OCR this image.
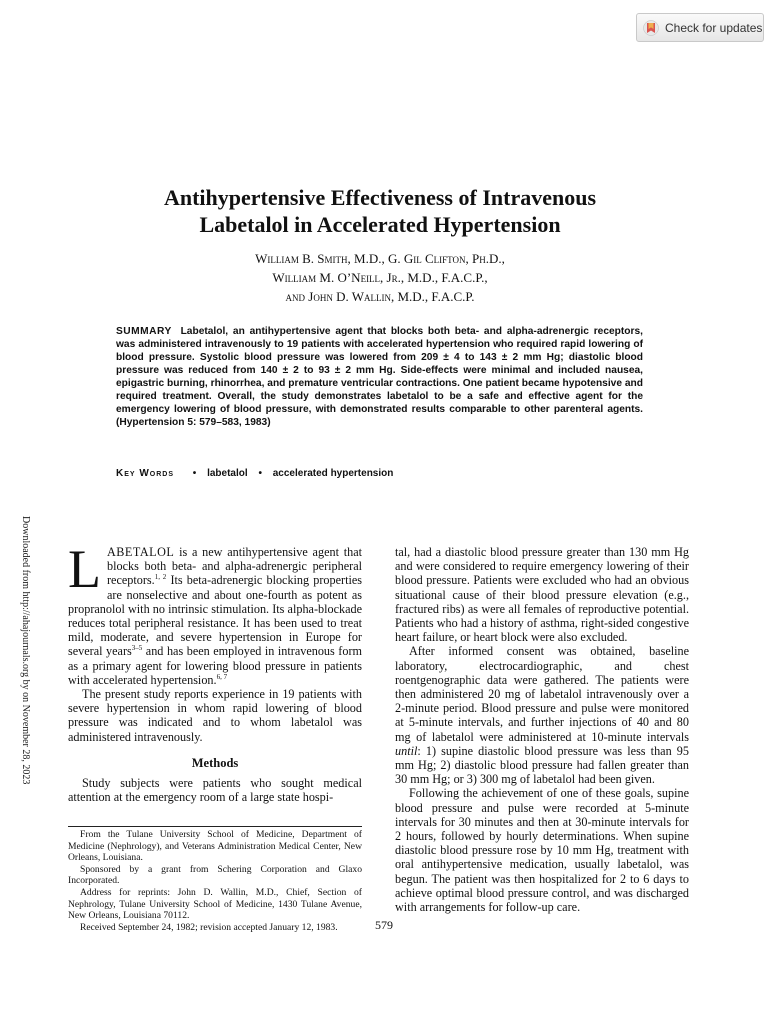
Check for updates
Downloaded from http://ahajournals.org by on November 28, 2023
Antihypertensive Effectiveness of Intravenous
Labetalol in Accelerated Hypertension
William B. Smith, M.D., G. Gil Clifton, Ph.D.,
William M. O’Neill, Jr., M.D., F.A.C.P.,
and John D. Wallin, M.D., F.A.C.P.
SUMMARY Labetalol, an antihypertensive agent that blocks both beta- and alpha-adrenergic receptors, was administered intravenously to 19 patients with accelerated hypertension who required rapid lowering of blood pressure. Systolic blood pressure was lowered from 209 ± 4 to 143 ± 2 mm Hg; diastolic blood pressure was reduced from 140 ± 2 to 93 ± 2 mm Hg. Side-effects were minimal and included nausea, epigastric burning, rhinorrhea, and premature ventricular contractions. One patient became hypotensive and required treatment. Overall, the study demonstrates labetalol to be a safe and effective agent for the emergency lowering of blood pressure, with demonstrated results comparable to other parenteral agents. (Hypertension 5: 579–583, 1983)
Key Words • labetalol • accelerated hypertension

LABETALOL is a new antihypertensive agent that blocks both beta- and alpha-adrenergic peripheral receptors.$^{1, 2}$ Its beta-adrenergic blocking properties are nonselective and about one-fourth as potent as propranolol with no intrinsic stimulation. Its alpha-blockade reduces total peripheral resistance. It has been used to treat mild, moderate, and severe hypertension in Europe for several years$^{3-5}$ and has been employed in intravenous form as a primary agent for lowering blood pressure in patients with accelerated hypertension.$^{6, 7}$

The present study reports experience in 19 patients with severe hypertension in whom rapid lowering of blood pressure was indicated and to whom labetalol was administered intravenously.

Methods

Study subjects were patients who sought medical attention at the emergency room of a large state hospi-

From the Tulane University School of Medicine, Department of Medicine (Nephrology), and Veterans Administration Medical Center, New Orleans, Louisiana.

Sponsored by a grant from Schering Corporation and Glaxo Incorporated.

Address for reprints: John D. Wallin, M.D., Chief, Section of Nephrology, Tulane University School of Medicine, 1430 Tulane Avenue, New Orleans, Louisiana 70112.

Received September 24, 1982; revision accepted January 12, 1983.

tal, had a diastolic blood pressure greater than 130 mm Hg and were considered to require emergency lowering of their blood pressure. Patients were excluded who had an obvious situational cause of their blood pressure elevation (e.g., fractured ribs) as were all females of reproductive potential. Patients who had a history of asthma, right-sided congestive heart failure, or heart block were also excluded.

After informed consent was obtained, baseline laboratory, electrocardiographic, and chest roentgenographic data were gathered. The patients were then administered 20 mg of labetalol intravenously over a 2-minute period. Blood pressure and pulse were monitored at 5-minute intervals, and further injections of 40 and 80 mg of labetalol were administered at 10-minute intervals until: 1) supine diastolic blood pressure was less than 95 mm Hg; 2) diastolic blood pressure had fallen greater than 30 mm Hg; or 3) 300 mg of labetalol had been given.

Following the achievement of one of these goals, supine blood pressure and pulse were recorded at 5-minute intervals for 30 minutes and then at 30-minute intervals for 2 hours, followed by hourly determinations. When supine diastolic blood pressure rose by 10 mm Hg, treatment with oral antihypertensive medication, usually labetalol, was begun. The patient was then hospitalized for 2 to 6 days to achieve optimal blood pressure control, and was discharged with arrangements for follow-up care.

579
